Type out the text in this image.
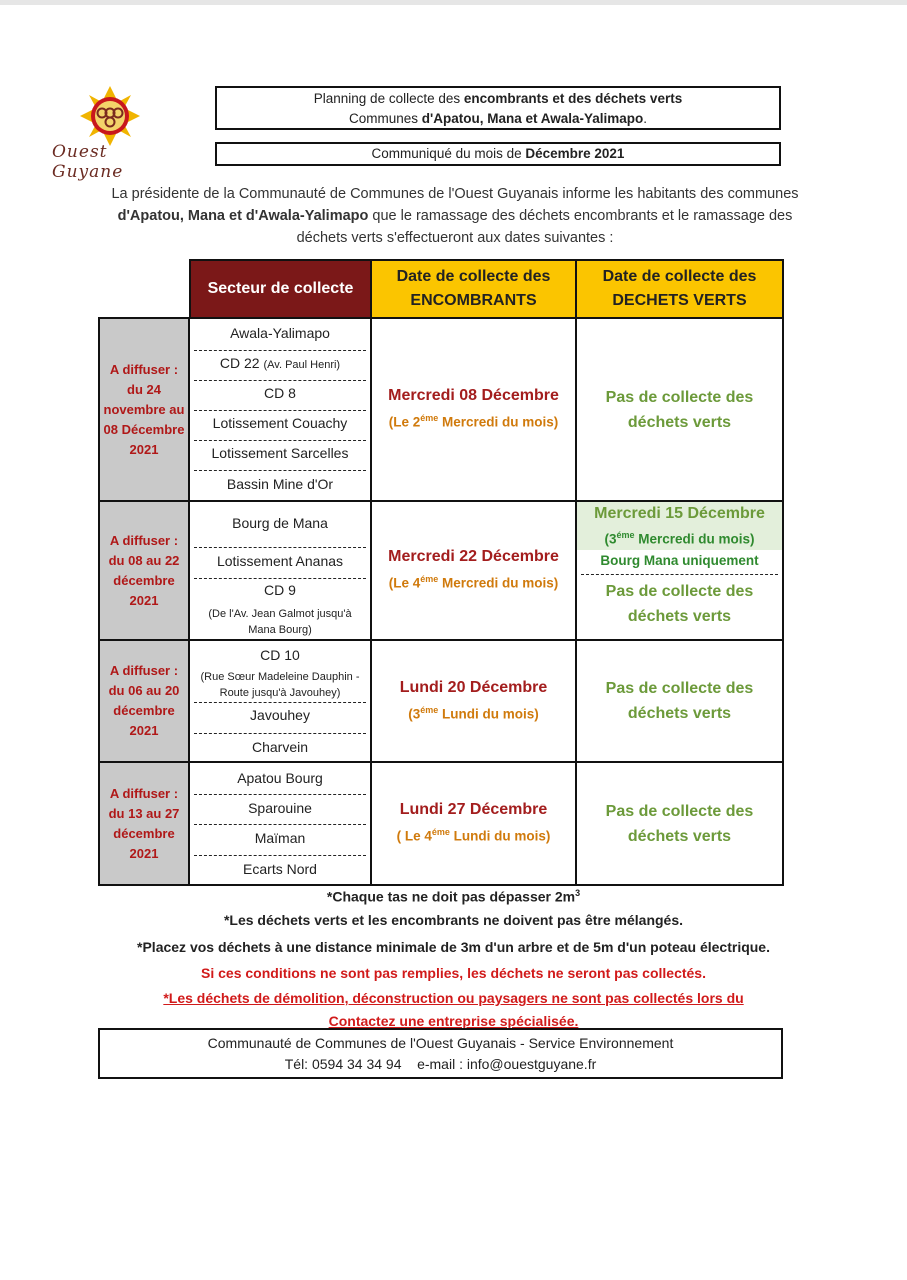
Ouest Guyane
Planning de collecte des encombrants et des déchets verts
Communes d'Apatou, Mana et Awala-Yalimapo.
Communiqué du mois de Décembre 2021
La présidente de la Communauté de Communes de l'Ouest Guyanais informe les habitants des communes d'Apatou, Mana et d'Awala-Yalimapo que le ramassage des déchets encombrants et le ramassage des déchets verts s'effectueront aux dates suivantes :
Secteur de collecte
Date de collecte des
ENCOMBRANTS
Date de collecte des
DECHETS VERTS
A diffuser :
du 24
novembre au
08 Décembre
2021
Awala-Yalimapo
CD 22 (Av. Paul Henri)
CD 8
Lotissement Couachy
Lotissement Sarcelles
Bassin Mine d'Or
Mercredi 08 Décembre
(Le $2^{éme}$ Mercredi du mois)
Pas de collecte des
déchets verts
A diffuser :
du 08 au 22
décembre
2021
Bourg de Mana
Lotissement Ananas
CD 9
(De l'Av. Jean Galmot jusqu'à
Mana Bourg)
Mercredi 22 Décembre
(Le $4^{éme}$ Mercredi du mois)
Mercredi 15 Décembre
($3^{éme}$ Mercredi du mois)
Bourg Mana uniquement
Pas de collecte des
déchets verts
A diffuser :
du 06 au 20
décembre
2021
CD 10
(Rue Sœur Madeleine Dauphin -
Route jusqu'à Javouhey)
Javouhey
Charvein
Lundi 20 Décembre
($3^{éme}$ Lundi du mois)
Pas de collecte des
déchets verts
A diffuser :
du 13 au 27
décembre
2021
Apatou Bourg
Sparouine
Maïman
Ecarts Nord
Lundi 27 Décembre
( Le $4^{éme}$ Lundi du mois)
Pas de collecte des
déchets verts
*Chaque tas ne doit pas dépasser $2m^3$
*Les déchets verts et les encombrants ne doivent pas être mélangés.
*Placez vos déchets à une distance minimale de 3m d'un arbre et de 5m d'un poteau électrique.
Si ces conditions ne sont pas remplies, les déchets ne seront pas collectés.
*Les déchets de démolition, déconstruction ou paysagers ne sont pas collectés lors du
Contactez une entreprise spécialisée.
Communauté de Communes de l'Ouest Guyanais - Service Environnement
Tél: 0594 34 34 94 e-mail : info@ouestguyane.fr
